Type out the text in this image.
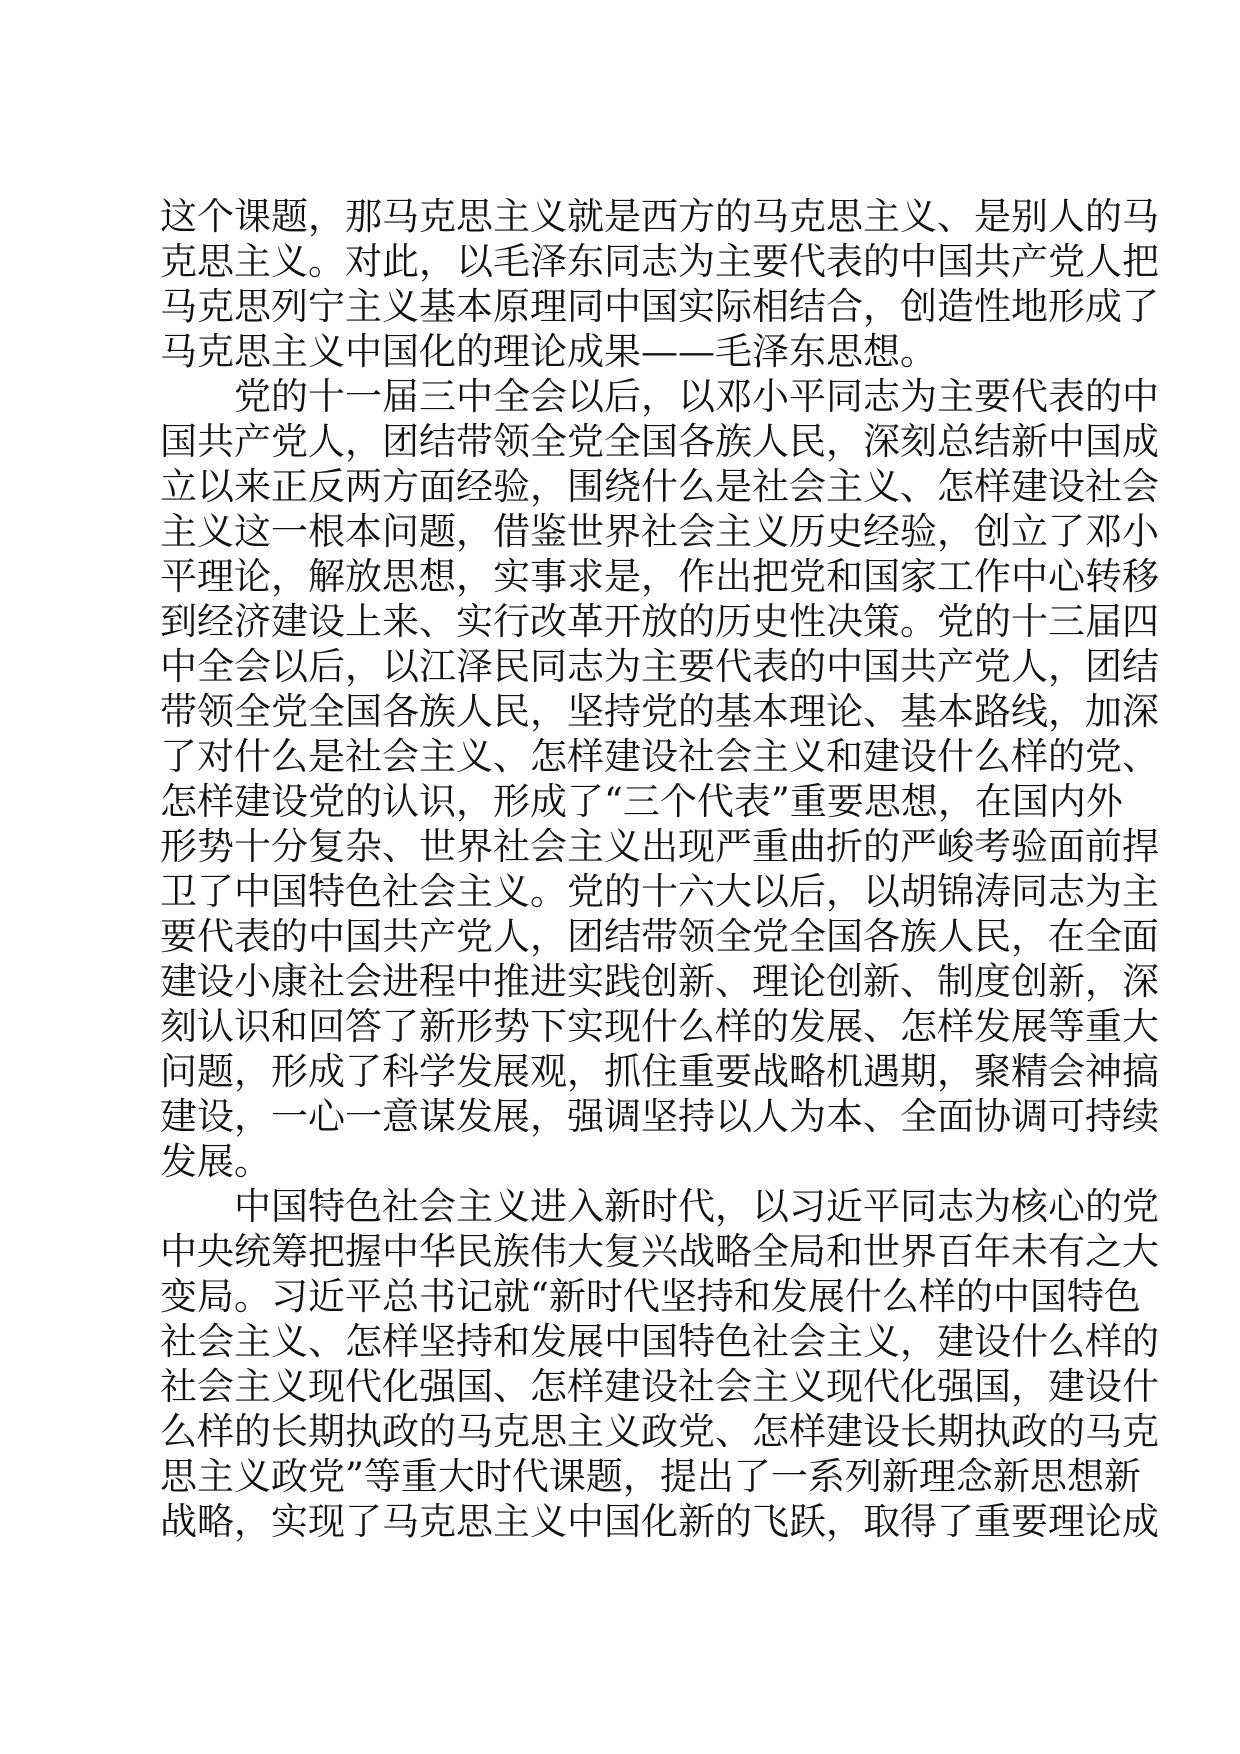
这个课题，那马克思主义就是西方的马克思主义、是别人的马
克思主义。对此，以毛泽东同志为主要代表的中国共产党人把
马克思列宁主义基本原理同中国实际相结合，创造性地形成了
马克思主义中国化的理论成果——毛泽东思想。
党的十一届三中全会以后，以邓小平同志为主要代表的中
国共产党人，团结带领全党全国各族人民，深刻总结新中国成
立以来正反两方面经验，围绕什么是社会主义、怎样建设社会
主义这一根本问题，借鉴世界社会主义历史经验，创立了邓小
平理论，解放思想，实事求是，作出把党和国家工作中心转移
到经济建设上来、实行改革开放的历史性决策。党的十三届四
中全会以后，以江泽民同志为主要代表的中国共产党人，团结
带领全党全国各族人民，坚持党的基本理论、基本路线，加深
了对什么是社会主义、怎样建设社会主义和建设什么样的党、
怎样建设党的认识，形成了“三个代表”重要思想，在国内外
形势十分复杂、世界社会主义出现严重曲折的严峻考验面前捍
卫了中国特色社会主义。党的十六大以后，以胡锦涛同志为主
要代表的中国共产党人，团结带领全党全国各族人民，在全面
建设小康社会进程中推进实践创新、理论创新、制度创新，深
刻认识和回答了新形势下实现什么样的发展、怎样发展等重大
问题，形成了科学发展观，抓住重要战略机遇期，聚精会神搞
建设，一心一意谋发展，强调坚持以人为本、全面协调可持续
发展。
中国特色社会主义进入新时代，以习近平同志为核心的党
中央统筹把握中华民族伟大复兴战略全局和世界百年未有之大
变局。习近平总书记就“新时代坚持和发展什么样的中国特色
社会主义、怎样坚持和发展中国特色社会主义，建设什么样的
社会主义现代化强国、怎样建设社会主义现代化强国，建设什
么样的长期执政的马克思主义政党、怎样建设长期执政的马克
思主义政党”等重大时代课题，提出了一系列新理念新思想新
战略，实现了马克思主义中国化新的飞跃，取得了重要理论成
